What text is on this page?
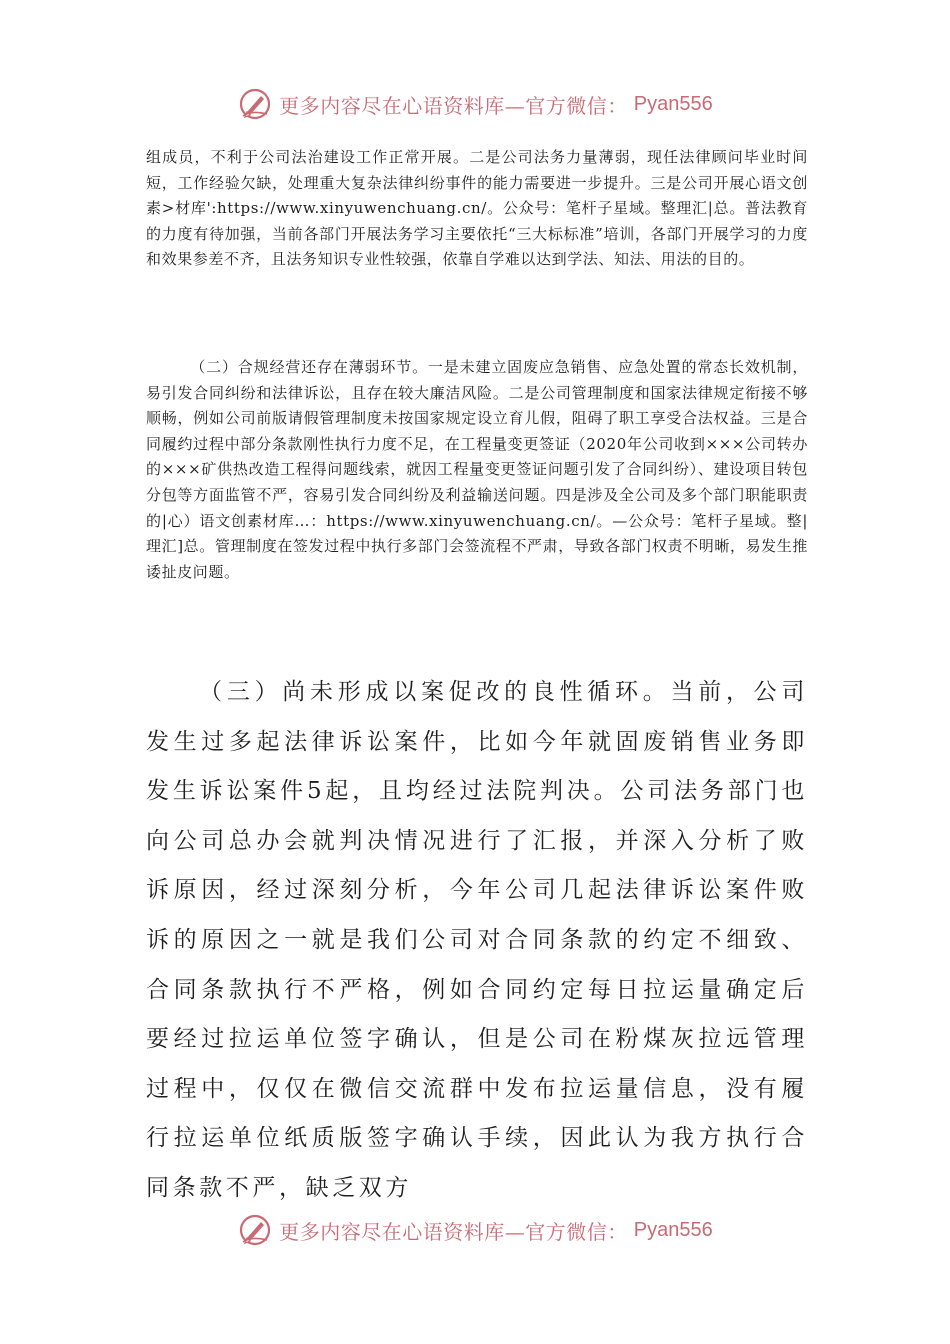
更多内容尽在心语资料库—官方微信： Pyan556

组成员，不利于公司法治建设工作正常开展。二是公司法务力量薄弱，现任法律顾问毕业时间短，工作经验欠缺，处理重大复杂法律纠纷事件的能力需要进一步提升。三是公司开展心语文创素>材库':https://www.xinyuwenchuang.cn/。公众号：笔杆子星域。整理汇|总。普法教育的力度有待加强，当前各部门开展法务学习主要依托“三大标标准”培训，各部门开展学习的力度和效果参差不齐，且法务知识专业性较强，依靠自学难以达到学法、知法、用法的目的。

（二）合规经营还存在薄弱环节。一是未建立固废应急销售、应急处置的常态长效机制，易引发合同纠纷和法律诉讼，且存在较大廉洁风险。二是公司管理制度和国家法律规定衔接不够顺畅，例如公司前版请假管理制度未按国家规定设立育儿假，阻碍了职工享受合法权益。三是合同履约过程中部分条款刚性执行力度不足，在工程量变更签证（2020年公司收到×××公司转办的×××矿供热改造工程得问题线索，就因工程量变更签证问题引发了合同纠纷）、建设项目转包分包等方面监管不严，容易引发合同纠纷及利益输送问题。四是涉及全公司及多个部门职能职责的|心）语文创素材库…：https://www.xinyuwenchuang.cn/。—公众号：笔杆子星域。整|理汇]总。管理制度在签发过程中执行多部门会签流程不严肃，导致各部门权责不明晰，易发生推诿扯皮问题。

（三）尚未形成以案促改的良性循环。当前，公司发生过多起法律诉讼案件，比如今年就固废销售业务即发生诉讼案件5起，且均经过法院判决。公司法务部门也向公司总办会就判决情况进行了汇报，并深入分析了败诉原因，经过深刻分析，今年公司几起法律诉讼案件败诉的原因之一就是我们公司对合同条款的约定不细致、合同条款执行不严格，例如合同约定每日拉运量确定后要经过拉运单位签字确认，但是公司在粉煤灰拉远管理过程中，仅仅在微信交流群中发布拉运量信息，没有履行拉运单位纸质版签字确认手续，因此认为我方执行合同条款不严，缺乏双方

更多内容尽在心语资料库—官方微信： Pyan556
